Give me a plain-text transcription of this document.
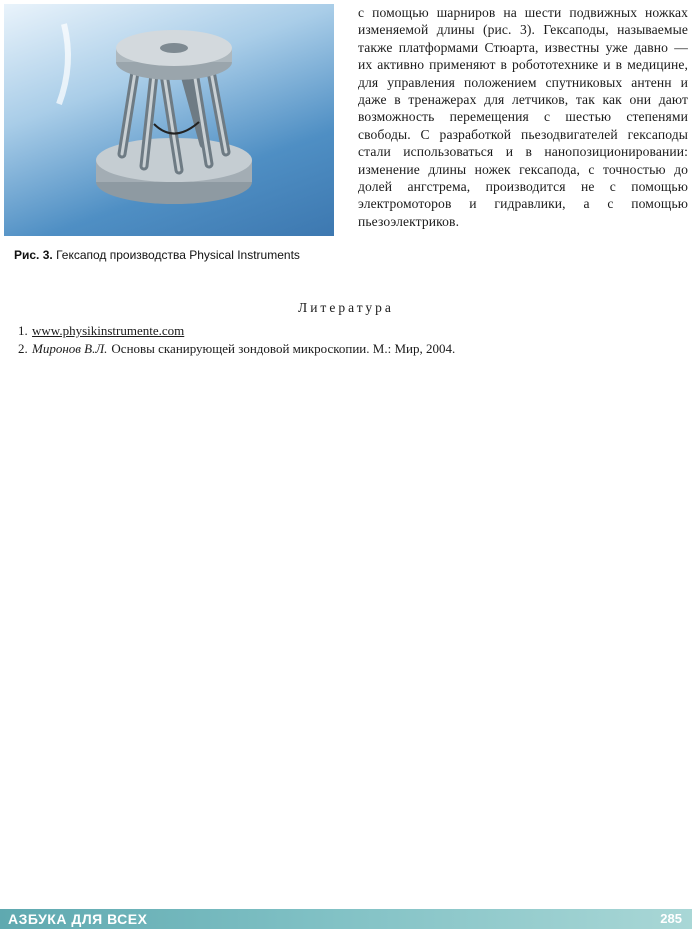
Рис. 3. Гексапод производства Physical Instruments
с помощью шарниров на шести подвижных ножках изменяемой длины (рис. 3). Гексаподы, называемые также платформами Стюарта, известны уже давно — их активно применяют в робототехнике и в медицине, для управления положением спутниковых антенн и даже в тренажерах для летчиков, так как они дают возможность перемещения с шестью степенями свободы. С разработкой пьезодвигателей гексаподы стали использоваться и в нанопозиционировании: изменение длины ножек гексапода, с точностью до долей ангстрема, производится не с помощью электромоторов и гидравлики, а с помощью пьезоэлектриков.
Литература
1. www.physikinstrumente.com
2. Миронов В.Л. Основы сканирующей зондовой микроскопии. М.: Мир, 2004.
АЗБУКА ДЛЯ ВСЕХ	285
